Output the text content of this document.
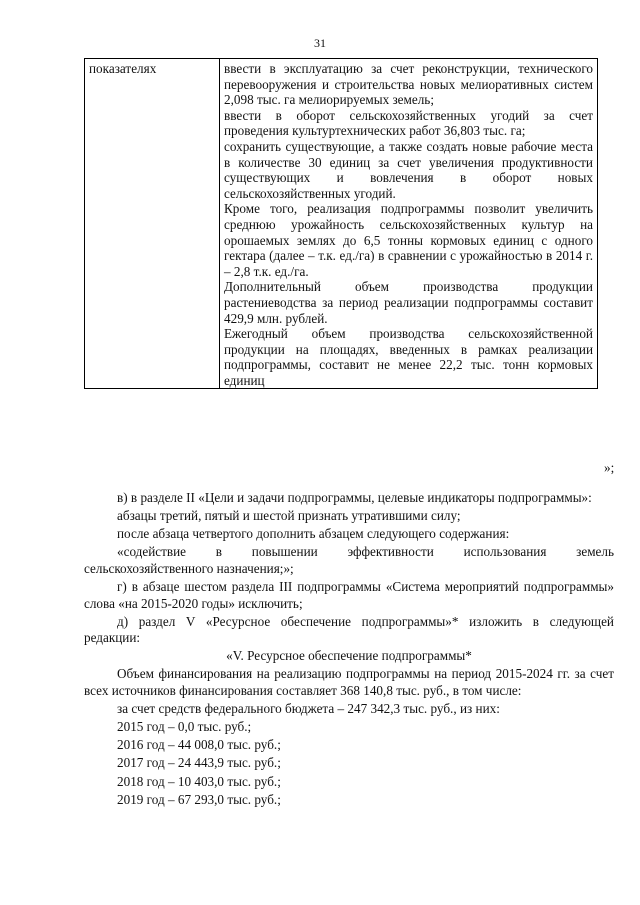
31
показателях	ввести в эксплуатацию за счет реконструкции, технического перевооружения и строительства новых мелиоративных систем 2,098 тыс. га мелиорируемых земель;

ввести в оборот сельскохозяйственных угодий за счет проведения культуртехнических работ 36,803 тыс. га;

сохранить существующие, а также создать новые рабочие места в количестве 30 единиц за счет увеличения продуктивности существующих и вовлечения в оборот новых сельскохозяйственных угодий.

Кроме того, реализация подпрограммы позволит увеличить среднюю урожайность сельскохозяйственных культур на орошаемых землях до 6,5 тонны кормовых единиц с одного гектара (далее – т.к. ед./га) в сравнении с урожайностью в 2014 г. – 2,8 т.к. ед./га.

Дополнительный объем производства продукции растениеводства за период реализации подпрограммы составит 429,9 млн. рублей.

Ежегодный объем производства сельскохозяйственной продукции на площадях, введенных в рамках реализации подпрограммы, составит не менее 22,2 тыс. тонн кормовых единиц

»;

в) в разделе II «Цели и задачи подпрограммы, целевые индикаторы подпрограммы»:

абзацы третий, пятый и шестой признать утратившими силу;

после абзаца четвертого дополнить абзацем следующего содержания:

«содействие в повышении эффективности использования земель сельскохозяйственного назначения;»;

г) в абзаце шестом раздела III подпрограммы «Система мероприятий подпрограммы» слова «на 2015-2020 годы» исключить;

д) раздел V «Ресурсное обеспечение подпрограммы»* изложить в следующей редакции:

«V. Ресурсное обеспечение подпрограммы*

Объем финансирования на реализацию подпрограммы на период 2015-2024 гг. за счет всех источников финансирования составляет 368 140,8 тыс. руб., в том числе:

за счет средств федерального бюджета – 247 342,3 тыс. руб., из них:

2015 год – 0,0 тыс. руб.;

2016 год – 44 008,0 тыс. руб.;

2017 год – 24 443,9 тыс. руб.;

2018 год – 10 403,0 тыс. руб.;

2019 год – 67 293,0 тыс. руб.;
